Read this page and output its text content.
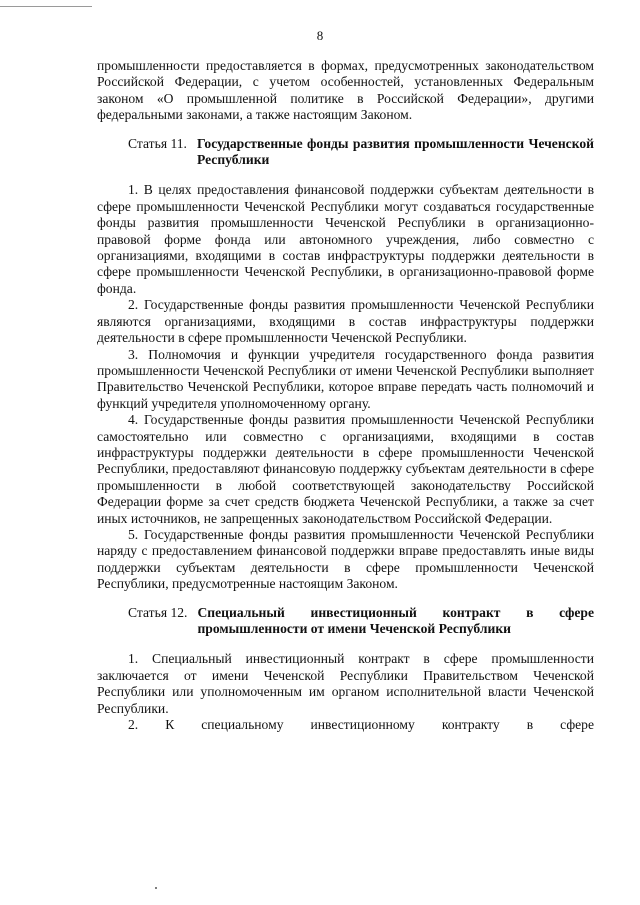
8

промышленности предоставляется в формах, предусмотренных законодательством Российской Федерации, с учетом особенностей, установленных Федеральным законом «О промышленной политике в Российской Федерации», другими федеральными законами, а также настоящим Законом.

Статья 11. Государственные фонды развития промышленности Чеченской Республики

1. В целях предоставления финансовой поддержки субъектам деятельности в сфере промышленности Чеченской Республики могут создаваться государственные фонды развития промышленности Чеченской Республики в организационно-правовой форме фонда или автономного учреждения, либо совместно с организациями, входящими в состав инфраструктуры поддержки деятельности в сфере промышленности Чеченской Республики, в организационно-правовой форме фонда.

2. Государственные фонды развития промышленности Чеченской Республики являются организациями, входящими в состав инфраструктуры поддержки деятельности в сфере промышленности Чеченской Республики.

3. Полномочия и функции учредителя государственного фонда развития промышленности Чеченской Республики от имени Чеченской Республики выполняет Правительство Чеченской Республики, которое вправе передать часть полномочий и функций учредителя уполномоченному органу.

4. Государственные фонды развития промышленности Чеченской Республики самостоятельно или совместно с организациями, входящими в состав инфраструктуры поддержки деятельности в сфере промышленности Чеченской Республики, предоставляют финансовую поддержку субъектам деятельности в сфере промышленности в любой соответствующей законодательству Российской Федерации форме за счет средств бюджета Чеченской Республики, а также за счет иных источников, не запрещенных законодательством Российской Федерации.

5. Государственные фонды развития промышленности Чеченской Республики наряду с предоставлением финансовой поддержки вправе предоставлять иные виды поддержки субъектам деятельности в сфере промышленности Чеченской Республики, предусмотренные настоящим Законом.

Статья 12. Специальный инвестиционный контракт в сфере промышленности от имени Чеченской Республики

1. Специальный инвестиционный контракт в сфере промышленности заключается от имени Чеченской Республики Правительством Чеченской Республики или уполномоченным им органом исполнительной власти Чеченской Республики.

2. К специальному инвестиционному контракту в сфере
